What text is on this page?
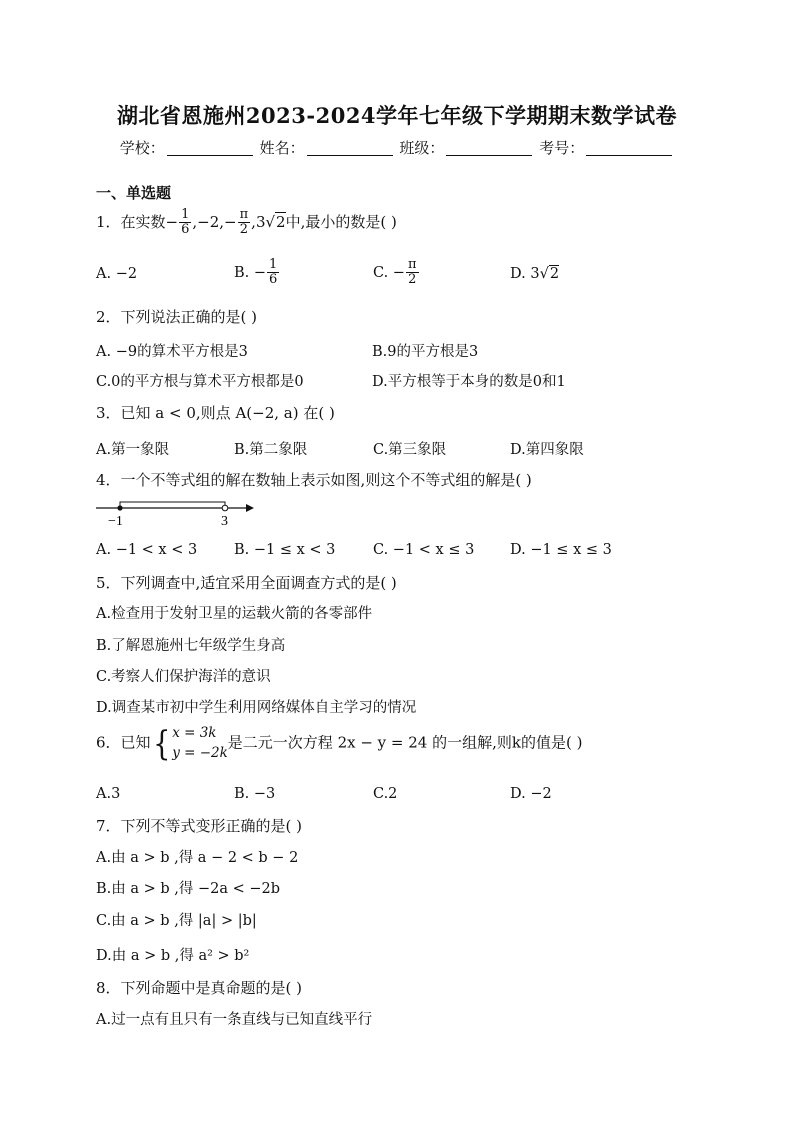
湖北省恩施州2023-2024学年七年级下学期期末数学试卷
学校：	姓名：	班级：	考号：
一、单选题
1．在实数− $\frac{1}{6} ,-2,- \frac{\pi}{2} ,3√2$中,最小的数是( )
A. −2	B. − $\frac{1}{6}$	C. − $\frac{\pi}{2}$	D. 3√2
2．下列说法正确的是( )
A. −9的算术平方根是3	B.9的平方根是3
C.0的平方根与算术平方根都是0	D.平方根等于本身的数是0和1
3．已知 a < 0,则点 A(−2, a) 在( )
A.第一象限	B.第二象限	C.第三象限	D.第四象限
4．一个不等式组的解在数轴上表示如图,则这个不等式组的解是( )
−1	3
A. −1 < x < 3	B. −1 ≤ x < 3	C. −1 < x ≤ 3 D. −1 ≤ x ≤ 3
5．下列调查中,适宜采用全面调查方式的是( )
A.检查用于发射卫星的运载火箭的各零部件
B.了解恩施州七年级学生身高
C.考察人们保护海洋的意识
D.调查某市初中学生利用网络媒体自主学习的情况
6．已知{ x = 3k
y = −2k
是二元一次方程 2x − y = 24 的一组解,则k的值是( )
A.3	B. −3	C.2	D. −2
7．下列不等式变形正确的是( )
A.由 a > b ,得 a − 2 < b − 2
B.由 a > b ,得 −2a < −2b
C.由 a > b ,得 |a| > |b|
D.由 a > b ,得 a² > b²
8．下列命题中是真命题的是( )
A.过一点有且只有一条直线与已知直线平行
